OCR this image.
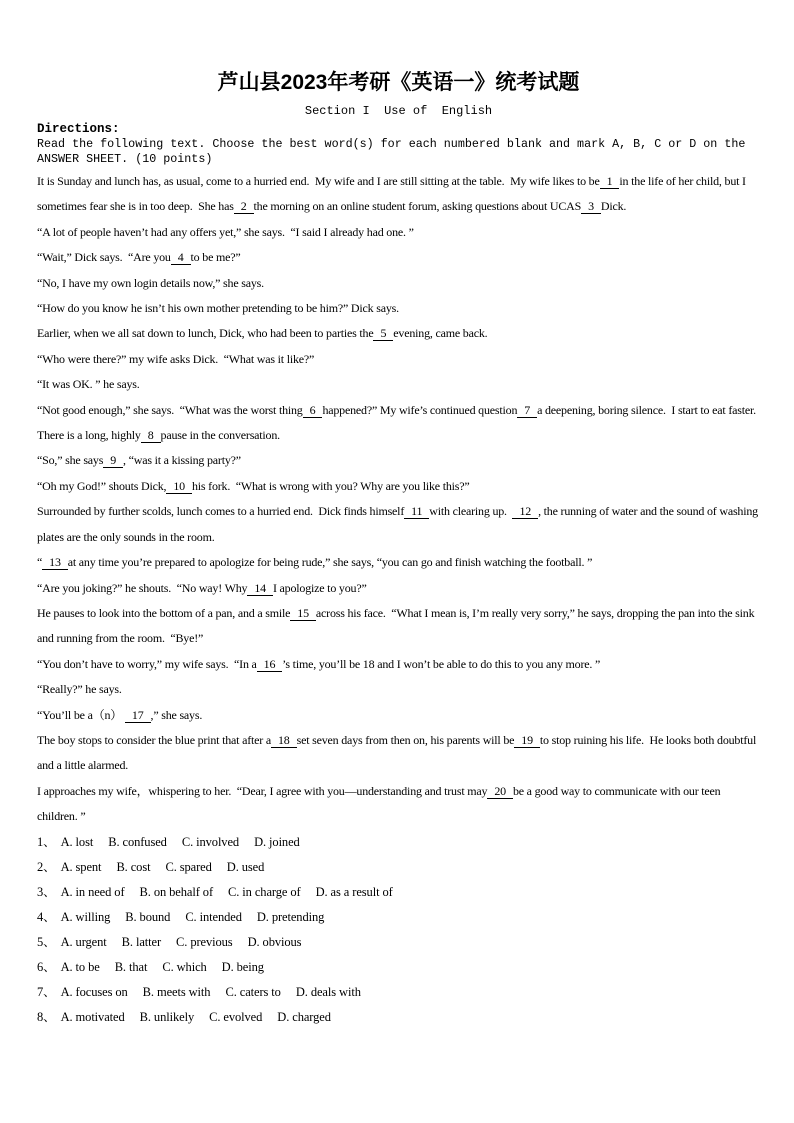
芦山县2023年考研《英语一》统考试题
Section I  Use of  English
Directions:
Read the following text. Choose the best word(s) for each numbered blank and mark A, B, C or D on the
ANSWER SHEET. (10 points)

It is Sunday and lunch has, as usual, come to a hurried end.  My wife and I are still sitting at the table.  My wife likes to be 1 in the life of her child, but I sometimes fear she is in too deep.  She has 2 the morning on an online student forum, asking questions about UCAS 3 Dick.

“A lot of people haven’t had any offers yet,” she says.  “I said I already had one. ”

“Wait,” Dick says.  “Are you 4 to be me?”

“No, I have my own login details now,” she says.

“How do you know he isn’t his own mother pretending to be him?” Dick says.

Earlier, when we all sat down to lunch, Dick, who had been to parties the 5 evening, came back.

“Who were there?” my wife asks Dick.  “What was it like?”

“It was OK. ” he says.

“Not good enough,” she says.  “What was the worst thing 6 happened?” My wife’s continued question 7 a deepening, boring silence.  I start to eat faster.  There is a long, highly 8 pause in the conversation.

“So,” she says 9 , “was it a kissing party?”

“Oh my God!” shouts Dick, 10 his fork.  “What is wrong with you? Why are you like this?”

Surrounded by further scolds, lunch comes to a hurried end.  Dick finds himself 11 with clearing up.  12 , the running of water and the sound of washing plates are the only sounds in the room.

“ 13 at any time you’re prepared to apologize for being rude,” she says, “you can go and finish watching the football. ”

“Are you joking?” he shouts.  “No way! Why 14 I apologize to you?”

He pauses to look into the bottom of a pan, and a smile 15 across his face.  “What I mean is, I’m really very sorry,” he says, dropping the pan into the sink and running from the room.  “Bye!”

“You don’t have to worry,” my wife says.  “In a 16 ’s time, you’ll be 18 and I won’t be able to do this to you any more. ”

“Really?” he says.

“You’ll be a（n） 17 ,” she says.

The boy stops to consider the blue print that after a 18 set seven days from then on, his parents will be 19 to stop ruining his life.  He looks both doubtful and a little alarmed.

I approaches my wife，whispering to her.  “Dear, I agree with you—understanding and trust may 20 be a good way to communicate with our teen children. ”

1、 A. lost B. confused C. involved D. joined
2、 A. spent B. cost C. spared D. used
3、 A. in need of B. on behalf of C. in charge of D. as a result of
4、 A. willing B. bound C. intended D. pretending
5、 A. urgent B. latter C. previous D. obvious
6、 A. to be B. that C. which D. being
7、 A. focuses on B. meets with C. caters to D. deals with
8、 A. motivated B. unlikely C. evolved D. charged
